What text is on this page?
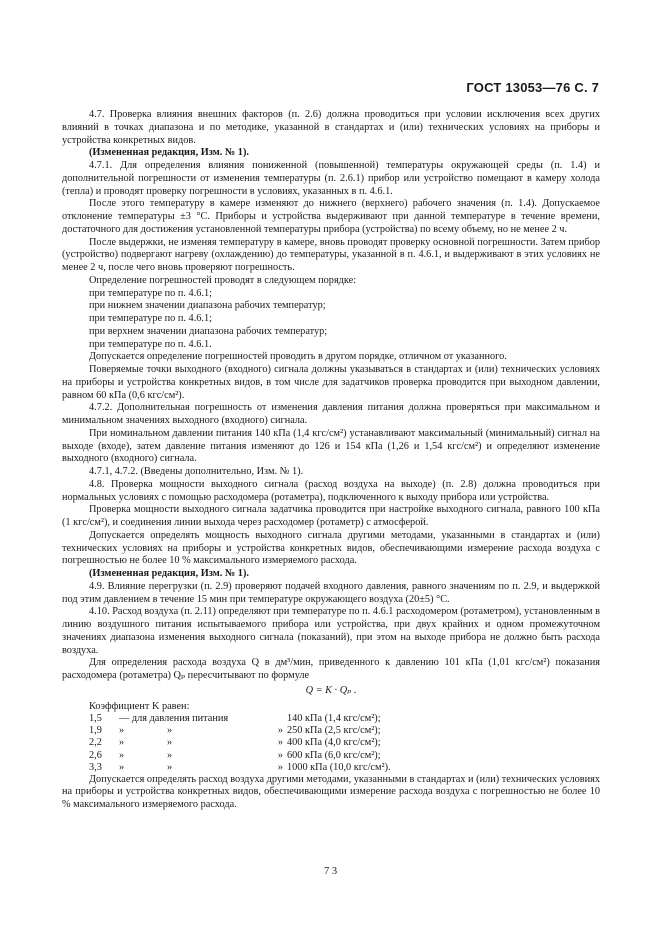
ГОСТ 13053—76 С. 7

4.7. Проверка влияния внешних факторов (п. 2.6) должна проводиться при условии исключения всех других влияний в точках диапазона и по методике, указанной в стандартах и (или) технических условиях на приборы и устройства конкретных видов.

(Измененная редакция, Изм. № 1).

4.7.1. Для определения влияния пониженной (повышенной) температуры окружающей среды (п. 1.4) и дополнительной погрешности от изменения температуры (п. 2.6.1) прибор или устройство помещают в камеру холода (тепла) и проводят проверку погрешности в условиях, указанных в п. 4.6.1.

После этого температуру в камере изменяют до нижнего (верхнего) рабочего значения (п. 1.4). Допускаемое отклонение температуры ±3 °С. Приборы и устройства выдерживают при данной температуре в течение времени, достаточного для достижения установленной температуры прибора (устройства) по всему объему, но не менее 2 ч.

После выдержки, не изменяя температуру в камере, вновь проводят проверку основной погрешности. Затем прибор (устройство) подвергают нагреву (охлаждению) до температуры, указанной в п. 4.6.1, и выдерживают в этих условиях не менее 2 ч, после чего вновь проверяют погрешность.

Определение погрешностей проводят в следующем порядке:

при температуре по п. 4.6.1;

при нижнем значении диапазона рабочих температур;

при температуре по п. 4.6.1;

при верхнем значении диапазона рабочих температур;

при температуре по п. 4.6.1.

Допускается определение погрешностей проводить в другом порядке, отличном от указанного.

Поверяемые точки выходного (входного) сигнала должны указываться в стандартах и (или) технических условиях на приборы и устройства конкретных видов, в том числе для задатчиков проверка проводится при выходном давлении, равном 60 кПа (0,6 кгс/см²).

4.7.2. Дополнительная погрешность от изменения давления питания должна проверяться при максимальном и минимальном значениях выходного (входного) сигнала.

При номинальном давлении питания 140 кПа (1,4 кгс/см²) устанавливают максимальный (минимальный) сигнал на выходе (входе), затем давление питания изменяют до 126 и 154 кПа (1,26 и 1,54 кгс/см²) и определяют изменение выходного (входного) сигнала.

4.7.1, 4.7.2. (Введены дополнительно, Изм. № 1).

4.8. Проверка мощности выходного сигнала (расход воздуха на выходе) (п. 2.8) должна проводиться при нормальных условиях с помощью расходомера (ротаметра), подключенного к выходу прибора или устройства.

Проверка мощности выходного сигнала задатчика проводится при настройке выходного сигнала, равного 100 кПа (1 кгс/см²), и соединения линии выхода через расходомер (ротаметр) с атмосферой.

Допускается определять мощность выходного сигнала другими методами, указанными в стандартах и (или) технических условиях на приборы и устройства конкретных видов, обеспечивающими измерение расхода воздуха с погрешностью не более 10 % максимального измеряемого расхода.

(Измененная редакция, Изм. № 1).

4.9. Влияние перегрузки (п. 2.9) проверяют подачей входного давления, равного значениям по п. 2.9, и выдержкой под этим давлением в течение 15 мин при температуре окружающего воздуха (20±5) °С.

4.10. Расход воздуха (п. 2.11) определяют при температуре по п. 4.6.1 расходомером (ротаметром), установленным в линию воздушного питания испытываемого прибора или устройства, при двух крайних и одном промежуточном значениях диапазона изменения выходного сигнала (показаний), при этом на выходе прибора не должно быть расхода воздуха.

Для определения расхода воздуха Q в дм³/мин, приведенного к давлению 101 кПа (1,01 кгс/см²) показания расходомера (ротаметра) Qₚ пересчитывают по формуле

Q = K · Qₚ .

Коэффициент K равен:

1,5	— для давления питания			140 кПа (1,4 кгс/см²);
1,9	»	»	»	250 кПа (2,5 кгс/см²);
2,2	»	»	»	400 кПа (4,0 кгс/см²);
2,6	»	»	»	600 кПа (6,0 кгс/см²);
3,3	»	»	»	1000 кПа (10,0 кгс/см²).

Допускается определять расход воздуха другими методами, указанными в стандартах и (или) технических условиях на приборы и устройства конкретных видов, обеспечивающими измерение расхода воздуха с погрешностью не более 10 % максимального измеряемого расхода.

7 3
